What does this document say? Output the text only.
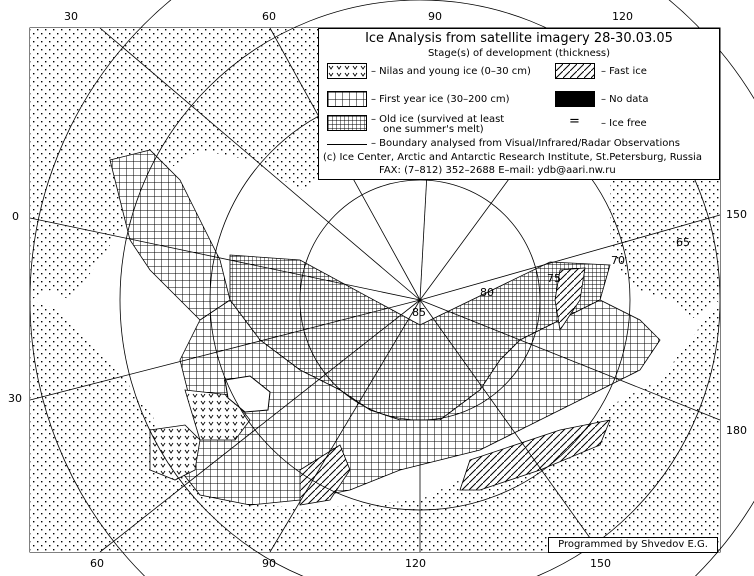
85
80
75
70
65
30	60	90	120
60	90	120	150
0
30
150
180
Ice Analysis from satellite imagery 28-30.03.05
Stage(s) of development (thickness)
– Nilas and young ice (0–30 cm)	– Fast ice
– First year ice (30–200 cm)	– No data
– Old ice (survived at least
one summer's melt)
= – Ice free
– Boundary analysed from Visual/Infrared/Radar Observations
(c) Ice Center, Arctic and Antarctic Research Institute, St.Petersburg, Russia
FAX: (7–812) 352–2688 E–mail: ydb@aari.nw.ru
Programmed by Shvedov E.G.
